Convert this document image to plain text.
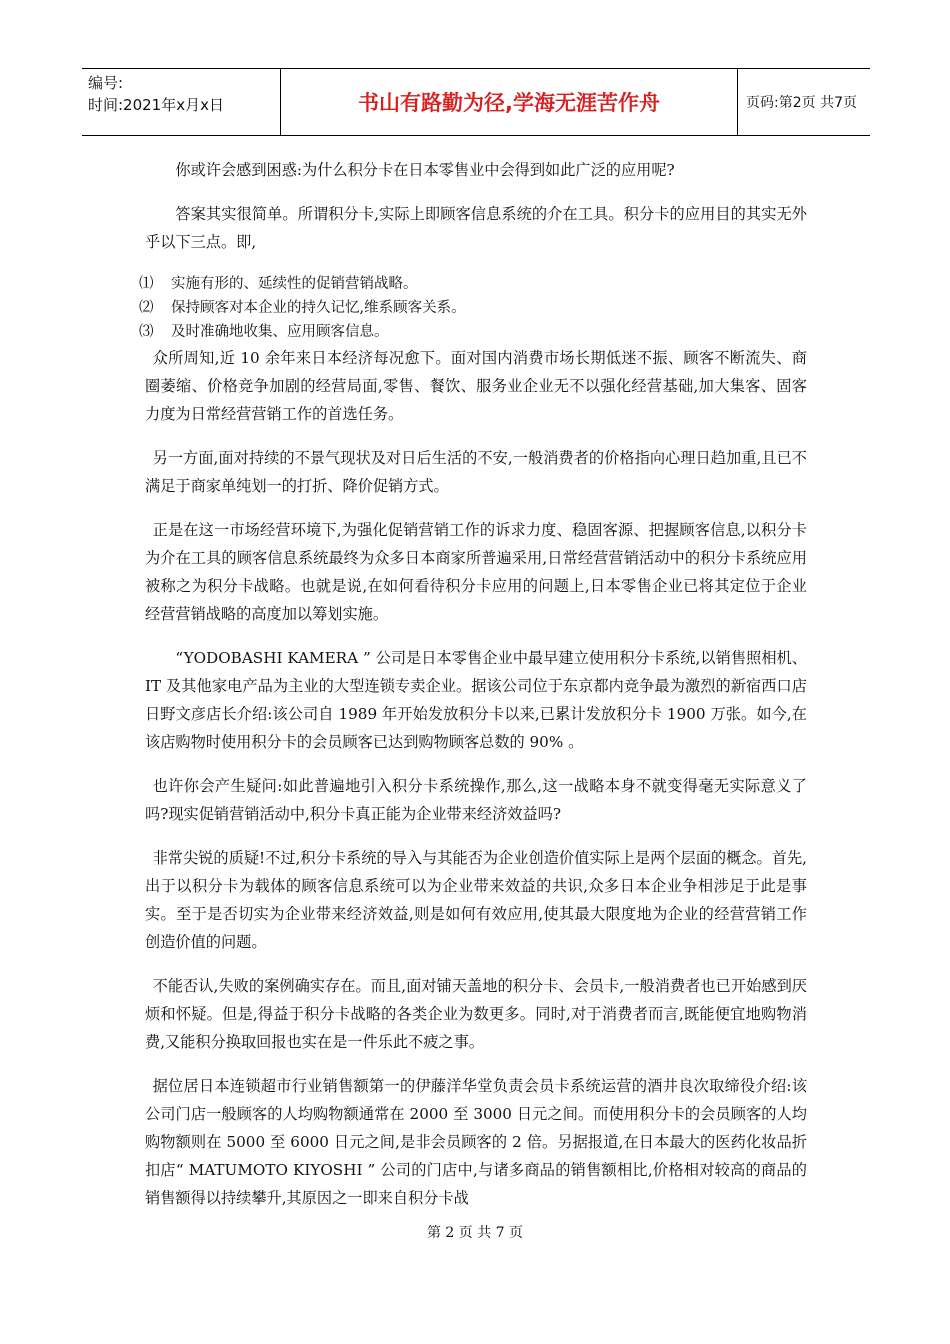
编号:
时间:2021年x月x日	书山有路勤为径,学海无涯苦作舟	页码:第2页 共7页

你或许会感到困惑:为什么积分卡在日本零售业中会得到如此广泛的应用呢?

答案其实很简单。所谓积分卡,实际上即顾客信息系统的介在工具。积分卡的应用目的其实无外乎以下三点。即,

⑴	实施有形的、延续性的促销营销战略。
⑵	保持顾客对本企业的持久记忆,维系顾客关系。
⑶	及时准确地收集、应用顾客信息。

众所周知,近 10 余年来日本经济每况愈下。面对国内消费市场长期低迷不振、顾客不断流失、商圈萎缩、价格竞争加剧的经营局面,零售、餐饮、服务业企业无不以强化经营基础,加大集客、固客力度为日常经营营销工作的首选任务。

另一方面,面对持续的不景气现状及对日后生活的不安,一般消费者的价格指向心理日趋加重,且已不满足于商家单纯划一的打折、降价促销方式。

正是在这一市场经营环境下,为强化促销营销工作的诉求力度、稳固客源、把握顾客信息,以积分卡为介在工具的顾客信息系统最终为众多日本商家所普遍采用,日常经营营销活动中的积分卡系统应用被称之为积分卡战略。也就是说,在如何看待积分卡应用的问题上,日本零售企业已将其定位于企业经营营销战略的高度加以筹划实施。

“YODOBASHI KAMERA ” 公司是日本零售企业中最早建立使用积分卡系统,以销售照相机、 IT 及其他家电产品为主业的大型连锁专卖企业。据该公司位于东京都内竞争最为激烈的新宿西口店日野文彦店长介绍:该公司自 1989 年开始发放积分卡以来,已累计发放积分卡 1900 万张。如今,在该店购物时使用积分卡的会员顾客已达到购物顾客总数的 90% 。

也许你会产生疑问:如此普遍地引入积分卡系统操作,那么,这一战略本身不就变得毫无实际意义了吗?现实促销营销活动中,积分卡真正能为企业带来经济效益吗?

非常尖锐的质疑!不过,积分卡系统的导入与其能否为企业创造价值实际上是两个层面的概念。首先,出于以积分卡为载体的顾客信息系统可以为企业带来效益的共识,众多日本企业争相涉足于此是事实。至于是否切实为企业带来经济效益,则是如何有效应用,使其最大限度地为企业的经营营销工作创造价值的问题。

不能否认,失败的案例确实存在。而且,面对铺天盖地的积分卡、会员卡,一般消费者也已开始感到厌烦和怀疑。但是,得益于积分卡战略的各类企业为数更多。同时,对于消费者而言,既能便宜地购物消费,又能积分换取回报也实在是一件乐此不疲之事。

据位居日本连锁超市行业销售额第一的伊藤洋华堂负责会员卡系统运营的酒井良次取缔役介绍:该公司门店一般顾客的人均购物额通常在 2000 至 3000 日元之间。而使用积分卡的会员顾客的人均购物额则在 5000 至 6000 日元之间,是非会员顾客的 2 倍。另据报道,在日本最大的医药化妆品折扣店“ MATUMOTO KIYOSHI ” 公司的门店中,与诸多商品的销售额相比,价格相对较高的商品的销售额得以持续攀升,其原因之一即来自积分卡战

第 2 页 共 7 页
